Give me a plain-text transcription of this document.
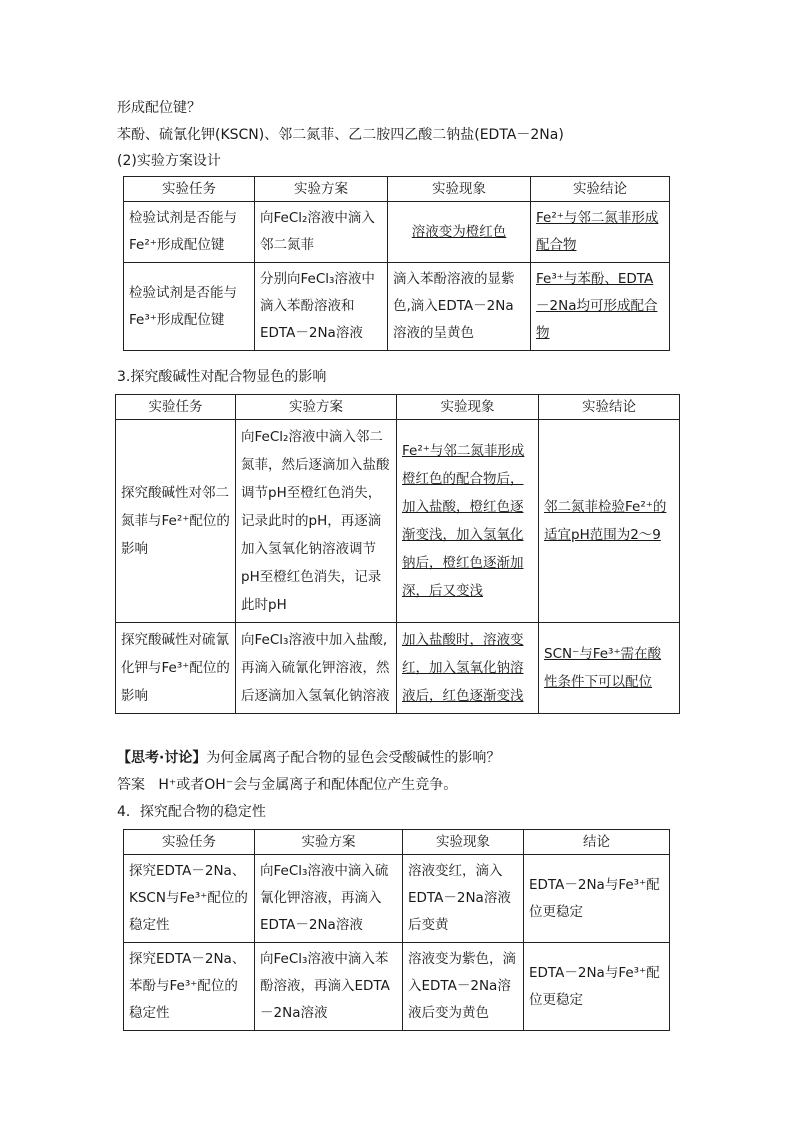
形成配位键？
苯酚、硫氰化钾(KSCN)、邻二氮菲、乙二胺四乙酸二钠盐(EDTA－2Na)
(2)实验方案设计
实验任务	实验方案	实验现象	实验结论
检验试剂是否能与Fe²⁺形成配位键	向FeCl₂溶液中滴入邻二氮菲	溶液变为橙红色	Fe²⁺与邻二氮菲形成配合物
检验试剂是否能与Fe³⁺形成配位键	分别向FeCl₃溶液中滴入苯酚溶液和EDTA－2Na溶液	滴入苯酚溶液的显紫色,滴入EDTA－2Na溶液的呈黄色	Fe³⁺与苯酚、EDTA－2Na均可形成配合物
3.探究酸碱性对配合物显色的影响
实验任务	实验方案	实验现象	实验结论
探究酸碱性对邻二氮菲与Fe²⁺配位的影响	向FeCl₂溶液中滴入邻二氮菲，然后逐滴加入盐酸调节pH至橙红色消失，记录此时的pH，再逐滴加入氢氧化钠溶液调节pH至橙红色消失，记录此时pH	Fe²⁺与邻二氮菲形成橙红色的配合物后，加入盐酸，橙红色逐渐变浅，加入氢氧化钠后，橙红色逐渐加深，后又变浅	邻二氮菲检验Fe²⁺的适宜pH范围为2～9
探究酸碱性对硫氰化钾与Fe³⁺配位的影响	向FeCl₃溶液中加入盐酸,再滴入硫氰化钾溶液，然后逐滴加入氢氧化钠溶液	加入盐酸时，溶液变红，加入氢氧化钠溶液后，红色逐渐变浅	SCN⁻与Fe³⁺需在酸性条件下可以配位
【思考·讨论】为何金属离子配合物的显色会受酸碱性的影响？
答案 H⁺或者OH⁻会与金属离子和配体配位产生竞争。
4．探究配合物的稳定性
实验任务	实验方案	实验现象	结论
探究EDTA－2Na、KSCN与Fe³⁺配位的稳定性	向FeCl₃溶液中滴入硫氰化钾溶液，再滴入EDTA－2Na溶液	溶液变红，滴入EDTA－2Na溶液后变黄	EDTA－2Na与Fe³⁺配位更稳定
探究EDTA－2Na、苯酚与Fe³⁺配位的稳定性	向FeCl₃溶液中滴入苯酚溶液，再滴入EDTA－2Na溶液	溶液变为紫色，滴入EDTA－2Na溶液后变为黄色	EDTA－2Na与Fe³⁺配位更稳定
